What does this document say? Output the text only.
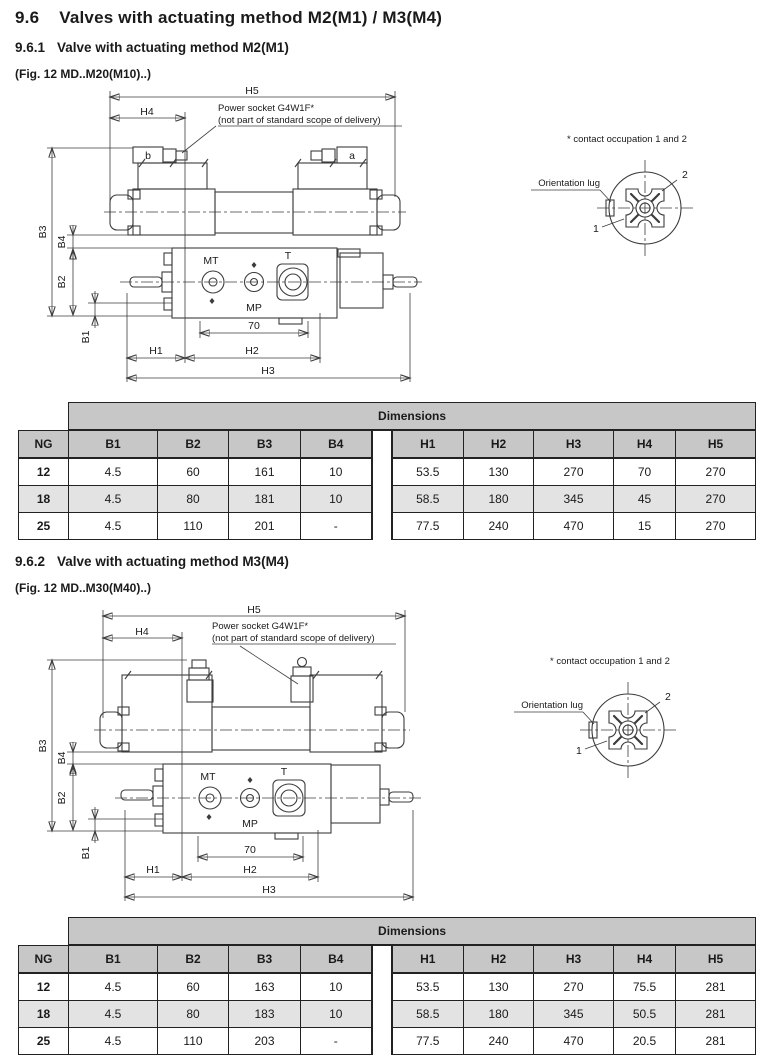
9.6 Valves with actuating method M2(M1) / M3(M4)
9.6.1 Valve with actuating method M2(M1)
(Fig. 12 MD..M20(M10)..)
H5
H4	Power socket G4W1F*
(not part of standard scope of delivery)
b	a
B3
B4
B2
B1
MT
MP
T
70
H1	H2
H3
* contact occupation 1 and 2
Orientation lug
2
1
	Dimensions									
NG	B1	B2	B3	B4		H1	H2	H3	H4	H5
12	4.5	60	161	10		53.5	130	270	70	270
18	4.5	80	181	10		58.5	180	345	45	270
25	4.5	110	201	-		77.5	240	470	15	270
9.6.2 Valve with actuating method M3(M4)
(Fig. 12 MD..M30(M40)..)
H5
H4	Power socket G4W1F*
(not part of standard scope of delivery)
B3
B4
B2
B1
MT
MP
T
70
H1	H2
H3
* contact occupation 1 and 2
Orientation lug
2
1
	Dimensions									
NG	B1	B2	B3	B4		H1	H2	H3	H4	H5
12	4.5	60	163	10		53.5	130	270	75.5	281
18	4.5	80	183	10		58.5	180	345	50.5	281
25	4.5	110	203	-		77.5	240	470	20.5	281
